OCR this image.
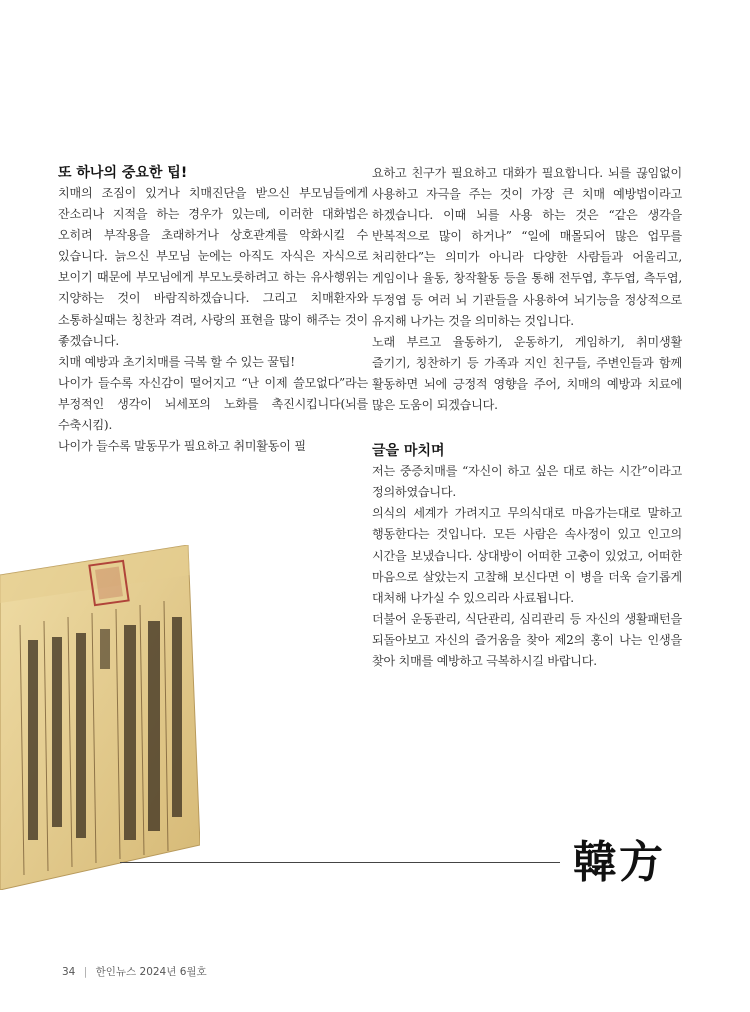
또 하나의 중요한 팁!

치매의 조짐이 있거나 치매진단을 받으신 부모님들에게 잔소리나 지적을 하는 경우가 있는데, 이러한 대화법은 오히려 부작용을 초래하거나 상호관계를 악화시킬 수 있습니다. 늙으신 부모님 눈에는 아직도 자식은 자식으로 보이기 때문에 부모님에게 부모노릇하려고 하는 유사행위는 지양하는 것이 바람직하겠습니다. 그리고 치매환자와 소통하실때는 칭찬과 격려, 사랑의 표현을 많이 해주는 것이 좋겠습니다.

치매 예방과 초기치매를 극복 할 수 있는 꿀팁!

나이가 들수록 자신감이 떨어지고 “난 이제 쓸모없다”라는 부정적인 생각이 뇌세포의 노화를 촉진시킵니다(뇌를 수축시킴).

나이가 들수록 말동무가 필요하고 취미활동이 필

요하고 친구가 필요하고 대화가 필요합니다. 뇌를 끊임없이 사용하고 자극을 주는 것이 가장 큰 치매 예방법이라고 하겠습니다. 이때 뇌를 사용 하는 것은 “같은 생각을 반복적으로 많이 하거나” “일에 매몰되어 많은 업무를 처리한다”는 의미가 아니라 다양한 사람들과 어울리고, 게임이나 율동, 창작활동 등을 통해 전두엽, 후두엽, 측두엽, 두정엽 등 여러 뇌 기관들을 사용하여 뇌기능을 정상적으로 유지해 나가는 것을 의미하는 것입니다.

노래 부르고 율동하기, 운동하기, 게임하기, 취미생활 즐기기, 칭찬하기 등 가족과 지인 친구들, 주변인들과 함께 활동하면 뇌에 긍정적 영향을 주어, 치매의 예방과 치료에 많은 도움이 되겠습니다.

글을 마치며

저는 중증치매를 “자신이 하고 싶은 대로 하는 시간”이라고 정의하였습니다.

의식의 세계가 가려지고 무의식대로 마음가는대로 말하고 행동한다는 것입니다. 모든 사람은 속사정이 있고 인고의 시간을 보냈습니다. 상대방이 어떠한 고충이 있었고, 어떠한 마음으로 살았는지 고찰해 보신다면 이 병을 더욱 슬기롭게 대처해 나가실 수 있으리라 사료됩니다.

더불어 운동관리, 식단관리, 심리관리 등 자신의 생활패턴을 되돌아보고 자신의 즐거움을 찾아 제2의 홍이 나는 인생을 찾아 치매를 예방하고 극복하시길 바랍니다.

韓方
34 | 한인뉴스 2024년 6월호
